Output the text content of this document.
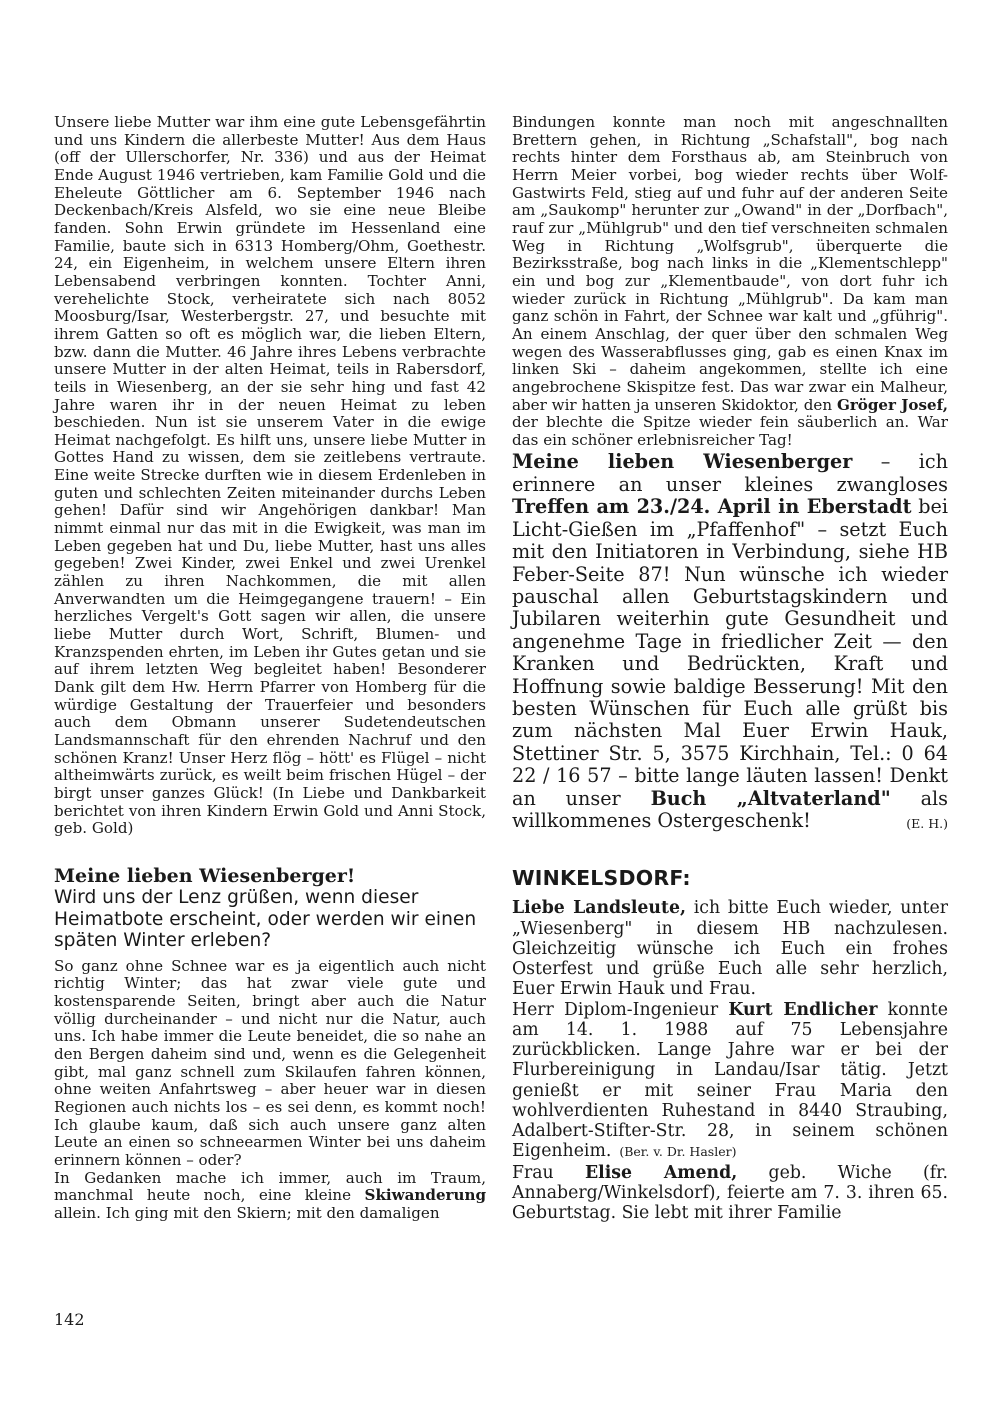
Unsere liebe Mutter war ihm eine gute Lebensgefährtin und uns Kindern die allerbeste Mutter! Aus dem Haus (off der Ullerschorfer, Nr. 336) und aus der Heimat Ende August 1946 vertrieben, kam Familie Gold und die Eheleute Göttlicher am 6. September 1946 nach Deckenbach/Kreis Alsfeld, wo sie eine neue Bleibe fanden. Sohn Erwin gründete im Hessenland eine Familie, baute sich in 6313 Homberg/Ohm, Goethestr. 24, ein Eigenheim, in welchem unsere Eltern ihren Lebensabend verbringen konnten. Tochter Anni, verehelichte Stock, verheiratete sich nach 8052 Moosburg/Isar, Westerbergstr. 27, und besuchte mit ihrem Gatten so oft es möglich war, die lieben Eltern, bzw. dann die Mutter. 46 Jahre ihres Lebens verbrachte unsere Mutter in der alten Heimat, teils in Rabersdorf, teils in Wiesenberg, an der sie sehr hing und fast 42 Jahre waren ihr in der neuen Heimat zu leben beschieden. Nun ist sie unserem Vater in die ewige Heimat nachgefolgt. Es hilft uns, unsere liebe Mutter in Gottes Hand zu wissen, dem sie zeitlebens vertraute. Eine weite Strecke durften wie in diesem Erdenleben in guten und schlechten Zeiten miteinander durchs Leben gehen! Dafür sind wir Angehörigen dankbar! Man nimmt einmal nur das mit in die Ewigkeit, was man im Leben gegeben hat und Du, liebe Mutter, hast uns alles gegeben! Zwei Kinder, zwei Enkel und zwei Urenkel zählen zu ihren Nachkommen, die mit allen Anverwandten um die Heimgegangene trauern! – Ein herzliches Vergelt's Gott sagen wir allen, die unsere liebe Mutter durch Wort, Schrift, Blumen- und Kranzspenden ehrten, im Leben ihr Gutes getan und sie auf ihrem letzten Weg begleitet haben! Besonderer Dank gilt dem Hw. Herrn Pfarrer von Homberg für die würdige Gestaltung der Trauerfeier und besonders auch dem Obmann unserer Sudetendeutschen Landsmannschaft für den ehrenden Nachruf und den schönen Kranz! Unser Herz flög – hött' es Flügel – nicht altheimwärts zurück, es weilt beim frischen Hügel – der birgt unser ganzes Glück! (In Liebe und Dankbarkeit berichtet von ihren Kindern Erwin Gold und Anni Stock, geb. Gold)

Meine lieben Wiesenberger!

Wird uns der Lenz grüßen, wenn dieser Heimatbote erscheint, oder werden wir einen späten Winter erleben?

So ganz ohne Schnee war es ja eigentlich auch nicht richtig Winter; das hat zwar viele gute und kostensparende Seiten, bringt aber auch die Natur völlig durcheinander – und nicht nur die Natur, auch uns. Ich habe immer die Leute beneidet, die so nahe an den Bergen daheim sind und, wenn es die Gelegenheit gibt, mal ganz schnell zum Skilaufen fahren können, ohne weiten Anfahrtsweg – aber heuer war in diesen Regionen auch nichts los – es sei denn, es kommt noch! Ich glaube kaum, daß sich auch unsere ganz alten Leute an einen so schneearmen Winter bei uns daheim erinnern können – oder?

In Gedanken mache ich immer, auch im Traum, manchmal heute noch, eine kleine Skiwanderung allein. Ich ging mit den Skiern; mit den damaligen

Bindungen konnte man noch mit angeschnallten Brettern gehen, in Richtung „Schafstall", bog nach rechts hinter dem Forsthaus ab, am Steinbruch von Herrn Meier vorbei, bog wieder rechts über Wolf-Gastwirts Feld, stieg auf und fuhr auf der anderen Seite am „Saukomp" herunter zur „Owand" in der „Dorfbach", rauf zur „Mühlgrub" und den tief verschneiten schmalen Weg in Richtung „Wolfsgrub", überquerte die Bezirksstraße, bog nach links in die „Klementschlepp" ein und bog zur „Klementbaude", von dort fuhr ich wieder zurück in Richtung „Mühlgrub". Da kam man ganz schön in Fahrt, der Schnee war kalt und „gführig". An einem Anschlag, der quer über den schmalen Weg wegen des Wasserabflusses ging, gab es einen Knax im linken Ski – daheim angekommen, stellte ich eine angebrochene Skispitze fest. Das war zwar ein Malheur, aber wir hatten ja unseren Skidoktor, den Gröger Josef, der blechte die Spitze wieder fein säuberlich an. War das ein schöner erlebnisreicher Tag!

Meine lieben Wiesenberger – ich erinnere an unser kleines zwangloses Treffen am 23./24. April in Eberstadt bei Licht-Gießen im „Pfaffenhof" – setzt Euch mit den Initiatoren in Verbindung, siehe HB Feber-Seite 87! Nun wünsche ich wieder pauschal allen Geburtstagskindern und Jubilaren weiterhin gute Gesundheit und angenehme Tage in friedlicher Zeit — den Kranken und Bedrückten, Kraft und Hoffnung sowie baldige Besserung! Mit den besten Wünschen für Euch alle grüßt bis zum nächsten Mal Euer Erwin Hauk, Stettiner Str. 5, 3575 Kirchhain, Tel.: 0 64 22 / 16 57 – bitte lange läuten lassen! Denkt an unser Buch „Altvaterland" als willkommenes Ostergeschenk!	(E. H.)

WINKELSDORF:

Liebe Landsleute, ich bitte Euch wieder, unter „Wiesenberg" in diesem HB nachzulesen. Gleichzeitig wünsche ich Euch ein frohes Osterfest und grüße Euch alle sehr herzlich, Euer Erwin Hauk und Frau.

Herr Diplom-Ingenieur Kurt Endlicher konnte am 14. 1. 1988 auf 75 Lebensjahre zurückblicken. Lange Jahre war er bei der Flurbereinigung in Landau/Isar tätig. Jetzt genießt er mit seiner Frau Maria den wohlverdienten Ruhestand in 8440 Straubing, Adalbert-Stifter-Str. 28, in seinem schönen Eigenheim. (Ber. v. Dr. Hasler)

Frau Elise Amend, geb. Wiche (fr. Annaberg/Winkelsdorf), feierte am 7. 3. ihren 65. Geburtstag. Sie lebt mit ihrer Familie

142
